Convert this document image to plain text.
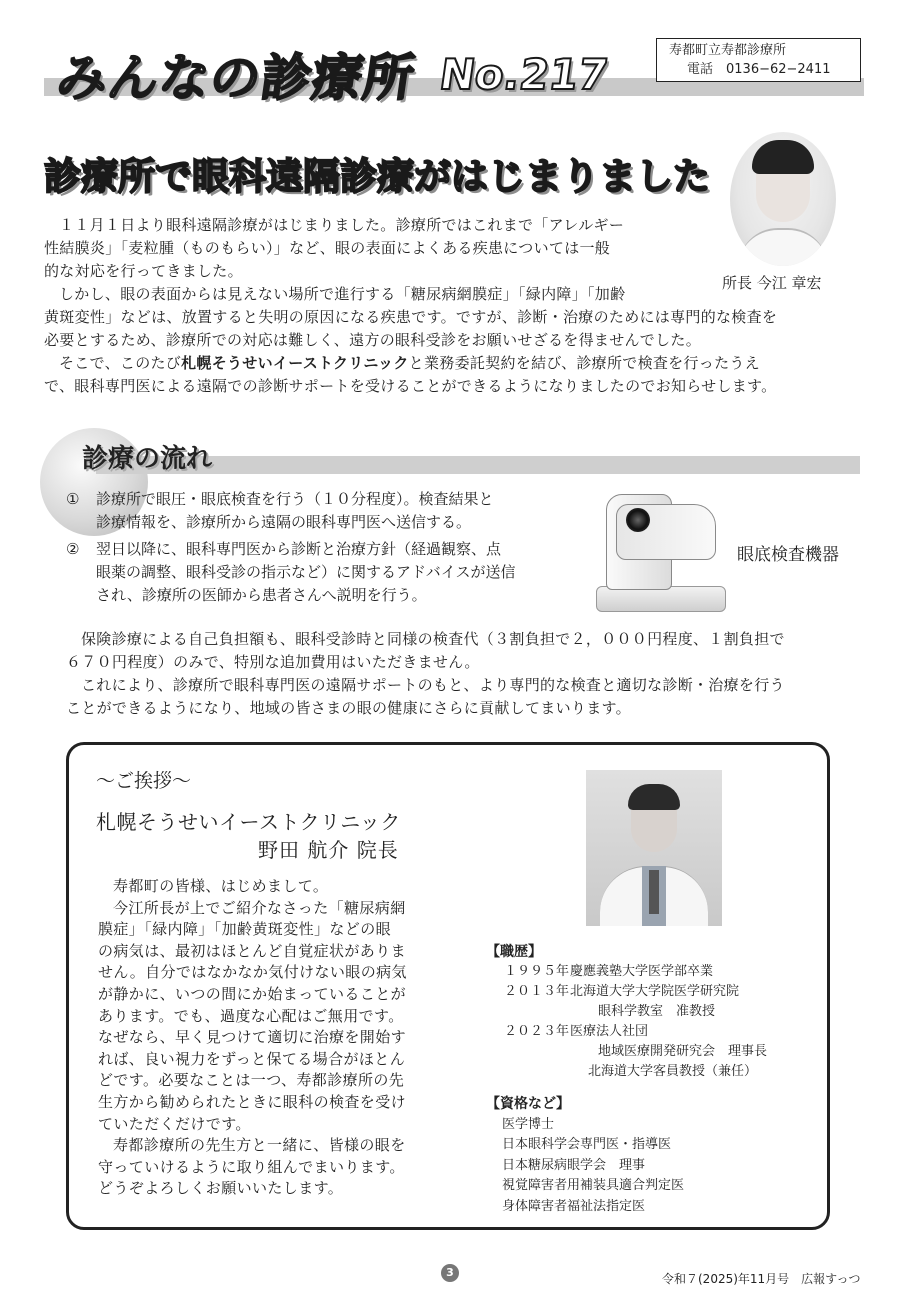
みんなの診療所 No.217	寿都町立寿都診療所
電話　0136−62−2411
診療所で眼科遠隔診療がはじまりました
所長 今江 章宏
１１月１日より眼科遠隔診療がはじまりました。診療所ではこれまで「アレルギー
性結膜炎」「麦粒腫（ものもらい）」など、眼の表面によくある疾患については一般
的な対応を行ってきました。
しかし、眼の表面からは見えない場所で進行する「糖尿病網膜症」「緑内障」「加齢
黄斑変性」などは、放置すると失明の原因になる疾患です。ですが、診断・治療のためには専門的な検査を
必要とするため、診療所での対応は難しく、遠方の眼科受診をお願いせざるを得ませんでした。
そこで、このたび札幌そうせいイーストクリニックと業務委託契約を結び、診療所で検査を行ったうえ
で、眼科専門医による遠隔での診断サポートを受けることができるようになりましたのでお知らせします。
診療の流れ
①	診療所で眼圧・眼底検査を行う（１０分程度）。検査結果と
診療情報を、診療所から遠隔の眼科専門医へ送信する。
②	翌日以降に、眼科専門医から診断と治療方針（経過観察、点
眼薬の調整、眼科受診の指示など）に関するアドバイスが送信
され、診療所の医師から患者さんへ説明を行う。
眼底検査機器
保険診療による自己負担額も、眼科受診時と同様の検査代（３割負担で２，０００円程度、１割負担で
６７０円程度）のみで、特別な追加費用はいただきません。
これにより、診療所で眼科専門医の遠隔サポートのもと、より専門的な検査と適切な診断・治療を行う
ことができるようになり、地域の皆さまの眼の健康にさらに貢献してまいります。
～ご挨拶～
札幌そうせいイーストクリニック
野田 航介 院長
寿都町の皆様、はじめまして。
今江所長が上でご紹介なさった「糖尿病網
膜症」「緑内障」「加齢黄斑変性」などの眼
の病気は、最初はほとんど自覚症状がありま
せん。自分ではなかなか気付けない眼の病気
が静かに、いつの間にか始まっていることが
あります。でも、過度な心配はご無用です。
なぜなら、早く見つけて適切に治療を開始す
れば、良い視力をずっと保てる場合がほとん
どです。必要なことは一つ、寿都診療所の先
生方から勧められたときに眼科の検査を受け
ていただくだけです。
寿都診療所の先生方と一緒に、皆様の眼を
守っていけるように取り組んでまいります。
どうぞよろしくお願いいたします。
【職歴】
１９９５年 慶應義塾大学医学部卒業
２０１３年 北海道大学大学院医学研究院
眼科学教室　准教授
２０２３年 医療法人社団
地域医療開発研究会　理事長
北海道大学客員教授（兼任）
【資格など】
医学博士
日本眼科学会専門医・指導医
日本糖尿病眼学会　理事
視覚障害者用補装具適合判定医
身体障害者福祉法指定医
3	令和７(2025)年11月号　広報すっつ
